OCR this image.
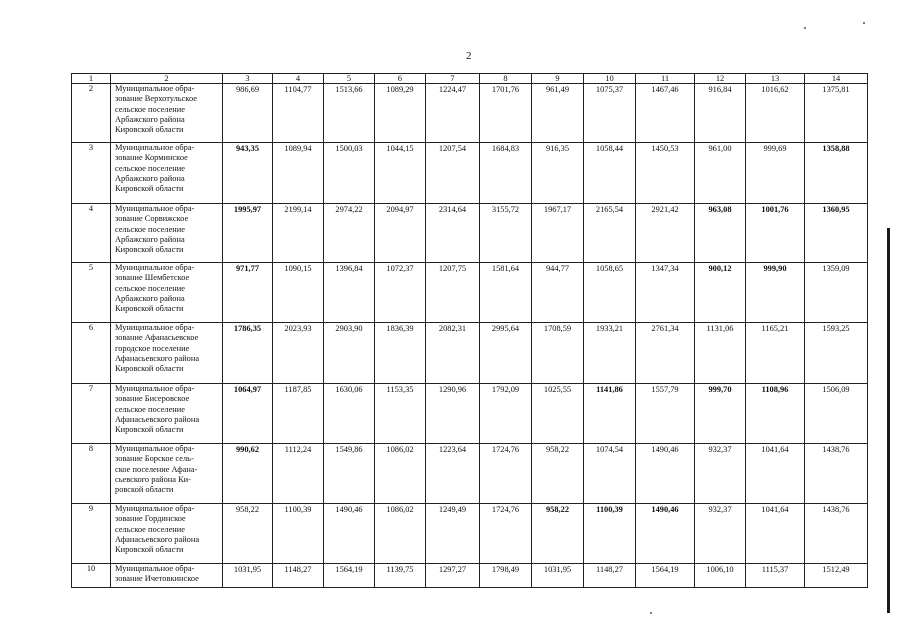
2
1	2	3	4	5	6	7	8	9	10	11	12	13	14
2	Муниципальное обра-
зование Верхотульское
сельское поселение
Арбажского района
Кировской области	986,69	1104,77	1513,66	1089,29	1224,47	1701,76	961,49	1075,37	1467,46	916,84	1016,62	1375,81
3	Муниципальное обра-
зование Корминское
сельское поселение
Арбажского района
Кировской области	943,35	1089,94	1500,03	1044,15	1207,54	1684,83	916,35	1058,44	1450,53	961,00	999,69	1358,88
4	Муниципальное обра-
зование Сорвижское
сельское поселение
Арбажского района
Кировской области	1995,97	2199,14	2974,22	2094,97	2314,64	3155,72	1967,17	2165,54	2921,42	963,08	1001,76	1360,95
5	Муниципальное обра-
зование Шембетское
сельское поселение
Арбажского района
Кировской области	971,77	1090,15	1396,84	1072,37	1207,75	1581,64	944,77	1058,65	1347,34	900,12	999,90	1359,09
6	Муниципальное обра-
зование Афанасьевское
городское поселение
Афанасьевского района
Кировской области	1786,35	2023,93	2903,90	1836,39	2082,31	2995,64	1708,59	1933,21	2761,34	1131,06	1165,21	1593,25
7	Муниципальное обра-
зование Бисеровское
сельское поселение
Афанасьевского района
Кировской области	1064,97	1187,85	1630,06	1153,35	1290,96	1792,09	1025,55	1141,86	1557,79	999,70	1108,96	1506,09
8	Муниципальное обра-
зование Борское сель-
ское поселение Афана-
сьевского района Ки-
ровской области	990,62	1112,24	1549,86	1086,02	1223,64	1724,76	958,22	1074,54	1490,46	932,37	1041,64	1438,76
9	Муниципальное обра-
зование Гординское
сельское поселение
Афанасьевского района
Кировской области	958,22	1100,39	1490,46	1086,02	1249,49	1724,76	958,22	1100,39	1490,46	932,37	1041,64	1438,76
10	Муниципальное обра-
зование Ичетовкинское	1031,95	1148,27	1564,19	1139,75	1297,27	1798,49	1031,95	1148,27	1564,19	1006,10	1115,37	1512,49
